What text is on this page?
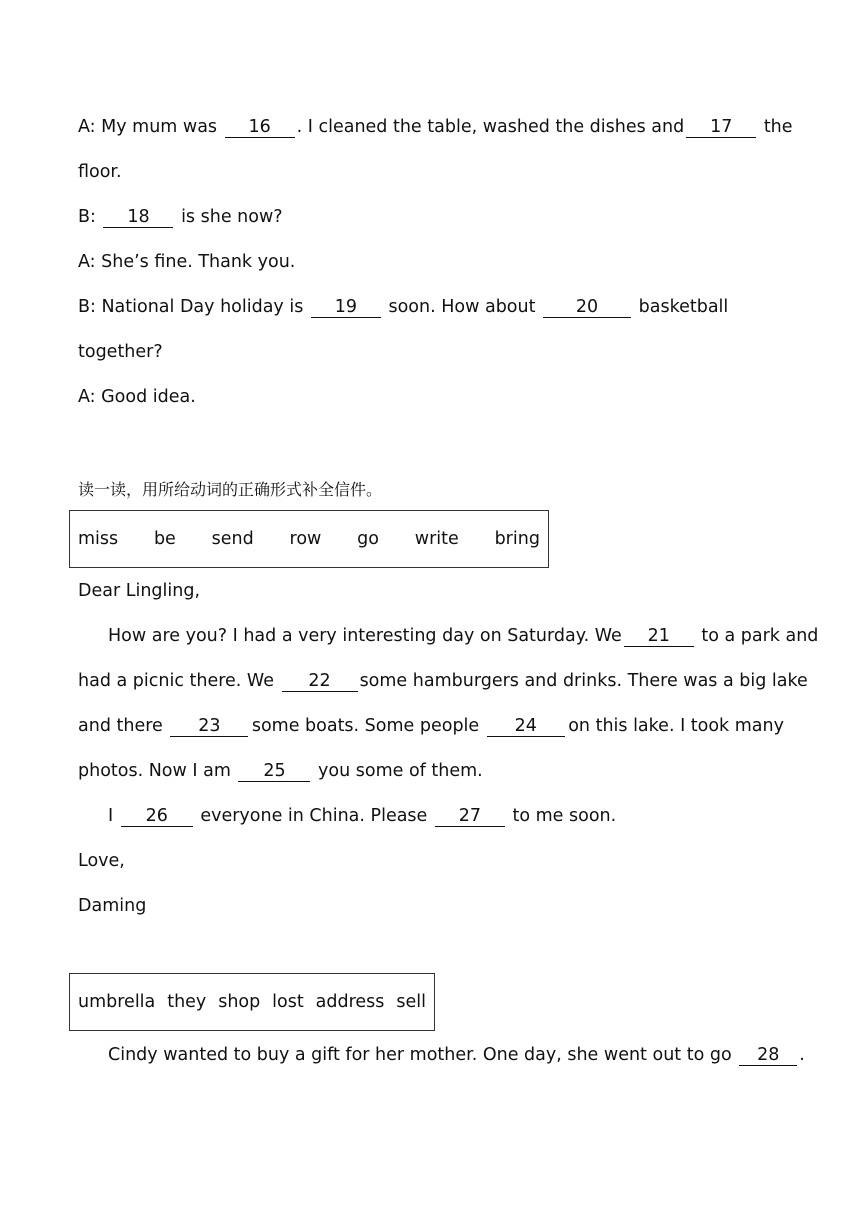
A: My mum was 16 . I cleaned the table, washed the dishes and	17 the
floor.
B: 18 is she now?
A: She’s fine. Thank you.
B: National Day holiday is 19 soon. How about 20 basketball
together?
A: Good idea.
读一读，用所给动词的正确形式补全信件。
miss be send row go write bring
Dear Lingling,
How are you? I had a very interesting day on Saturday. We	21 to a park and
had a picnic there. We 22 some hamburgers and drinks. There was a big lake
and there 23	some boats. Some people 24	on this lake. I took many
photos. Now I am 25 you some of them.
I 26 everyone in China. Please 27 to me soon.
Love,
Daming
umbrella they shop lost address sell
Cindy wanted to buy a gift for her mother. One day, she went out to go 28 .
